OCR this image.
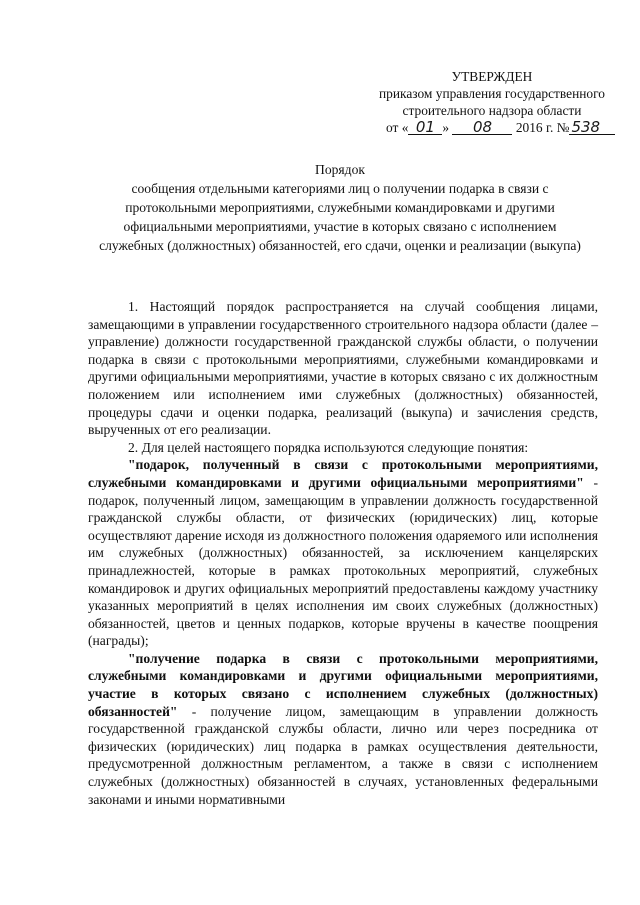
УТВЕРЖДЕН
приказом управления государственного
строительного надзора области
от « 01 » 08 2016 г. № 538
Порядок
сообщения отдельными категориями лиц о получении подарка в связи с протокольными мероприятиями, служебными командировками и другими официальными мероприятиями, участие в которых связано с исполнением служебных (должностных) обязанностей, его сдачи, оценки и реализации (выкупа)

1. Настоящий порядок распространяется на случай сообщения лицами, замещающими в управлении государственного строительного надзора области (далее – управление) должности государственной гражданской службы области, о получении подарка в связи с протокольными мероприятиями, служебными командировками и другими официальными мероприятиями, участие в которых связано с их должностным положением или исполнением ими служебных (должностных) обязанностей, процедуры сдачи и оценки подарка, реализаций (выкупа) и зачисления средств, вырученных от его реализации.

2. Для целей настоящего порядка используются следующие понятия:

"подарок, полученный в связи с протокольными мероприятиями, служебными командировками и другими официальными мероприятиями" - подарок, полученный лицом, замещающим в управлении должность государственной гражданской службы области, от физических (юридических) лиц, которые осуществляют дарение исходя из должностного положения одаряемого или исполнения им служебных (должностных) обязанностей, за исключением канцелярских принадлежностей, которые в рамках протокольных мероприятий, служебных командировок и других официальных мероприятий предоставлены каждому участнику указанных мероприятий в целях исполнения им своих служебных (должностных) обязанностей, цветов и ценных подарков, которые вручены в качестве поощрения (награды);

"получение подарка в связи с протокольными мероприятиями, служебными командировками и другими официальными мероприятиями, участие в которых связано с исполнением служебных (должностных) обязанностей" - получение лицом, замещающим в управлении должность государственной гражданской службы области, лично или через посредника от физических (юридических) лиц подарка в рамках осуществления деятельности, предусмотренной должностным регламентом, а также в связи с исполнением служебных (должностных) обязанностей в случаях, установленных федеральными законами и иными нормативными
